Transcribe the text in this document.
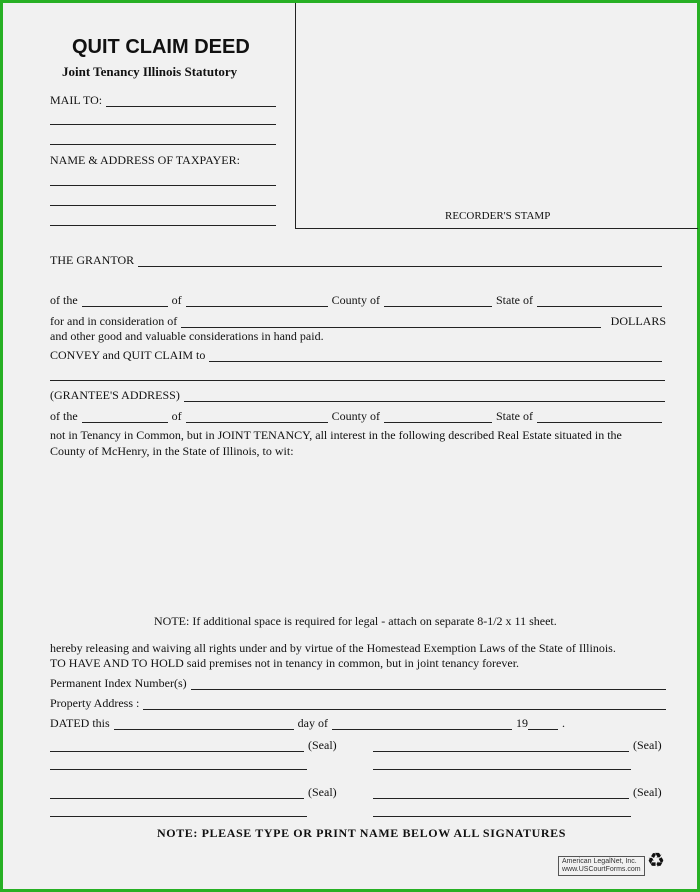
QUIT CLAIM DEED
Joint Tenancy Illinois Statutory
MAIL TO:
NAME & ADDRESS OF TAXPAYER:
RECORDER'S STAMP
THE GRANTOR
of the	of	County of	State of
for and in consideration of	DOLLARS
and other good and valuable considerations in hand paid.
CONVEY and QUIT CLAIM to
(GRANTEE'S ADDRESS)
of the	of	County of	State of
not in Tenancy in Common, but in JOINT TENANCY, all interest in the following described Real Estate situated in the
County of McHenry, in the State of Illinois, to wit:
NOTE: If additional space is required for legal - attach on separate 8-1/2 x 11 sheet.
hereby releasing and waiving all rights under and by virtue of the Homestead Exemption Laws of the State of Illinois.
TO HAVE AND TO HOLD said premises not in tenancy in common, but in joint tenancy forever.
Permanent Index Number(s)
Property Address :
DATED this	day of	19	.
(Seal)	(Seal)
(Seal)	(Seal)
NOTE: PLEASE TYPE OR PRINT NAME BELOW ALL SIGNATURES
American LegalNet, Inc.
www.USCourtForms.com ♻
